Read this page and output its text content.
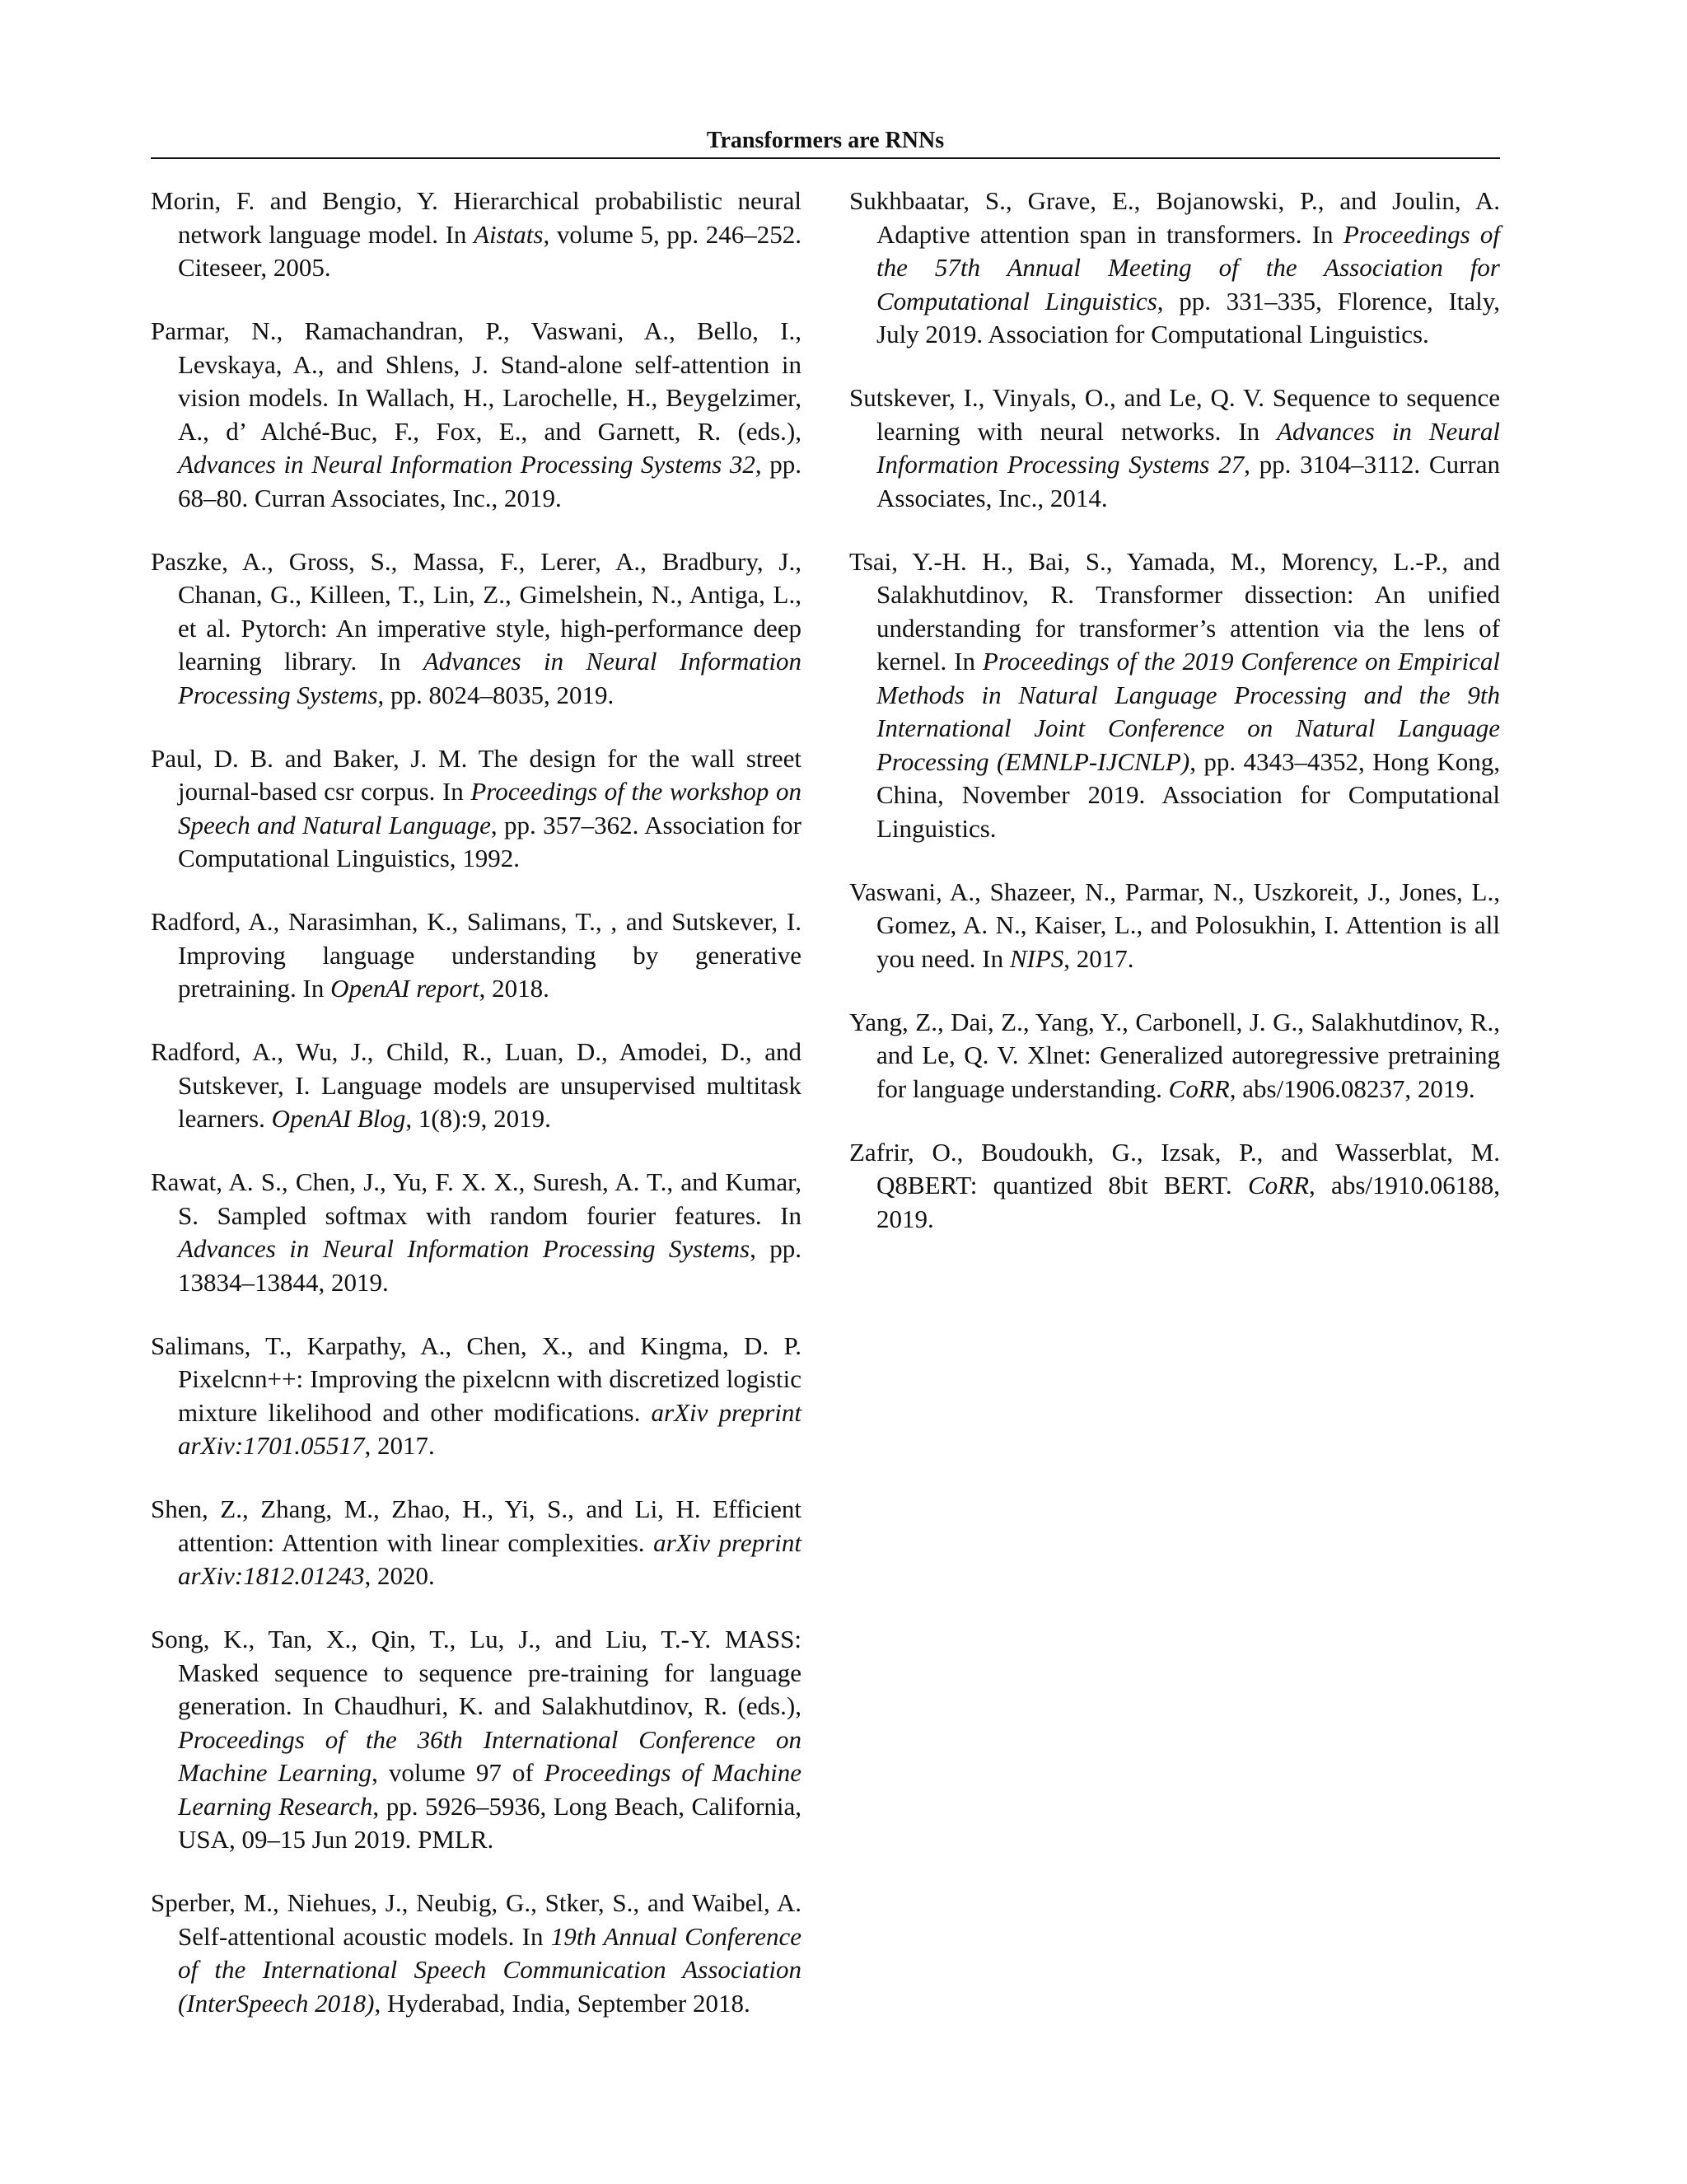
Transformers are RNNs

Morin, F. and Bengio, Y. Hierarchical probabilistic neural network language model. In Aistats, volume 5, pp. 246–252. Citeseer, 2005.

Parmar, N., Ramachandran, P., Vaswani, A., Bello, I., Levskaya, A., and Shlens, J. Stand-alone self-attention in vision models. In Wallach, H., Larochelle, H., Beygelzimer, A., d’ Alché-Buc, F., Fox, E., and Garnett, R. (eds.), Advances in Neural Information Processing Systems 32, pp. 68–80. Curran Associates, Inc., 2019.

Paszke, A., Gross, S., Massa, F., Lerer, A., Bradbury, J., Chanan, G., Killeen, T., Lin, Z., Gimelshein, N., Antiga, L., et al. Pytorch: An imperative style, high-performance deep learning library. In Advances in Neural Information Processing Systems, pp. 8024–8035, 2019.

Paul, D. B. and Baker, J. M. The design for the wall street journal-based csr corpus. In Proceedings of the workshop on Speech and Natural Language, pp. 357–362. Association for Computational Linguistics, 1992.

Radford, A., Narasimhan, K., Salimans, T., , and Sutskever, I. Improving language understanding by generative pretraining. In OpenAI report, 2018.

Radford, A., Wu, J., Child, R., Luan, D., Amodei, D., and Sutskever, I. Language models are unsupervised multitask learners. OpenAI Blog, 1(8):9, 2019.

Rawat, A. S., Chen, J., Yu, F. X. X., Suresh, A. T., and Kumar, S. Sampled softmax with random fourier features. In Advances in Neural Information Processing Systems, pp. 13834–13844, 2019.

Salimans, T., Karpathy, A., Chen, X., and Kingma, D. P. Pixelcnn++: Improving the pixelcnn with discretized logistic mixture likelihood and other modifications. arXiv preprint arXiv:1701.05517, 2017.

Shen, Z., Zhang, M., Zhao, H., Yi, S., and Li, H. Efficient attention: Attention with linear complexities. arXiv preprint arXiv:1812.01243, 2020.

Song, K., Tan, X., Qin, T., Lu, J., and Liu, T.-Y. MASS: Masked sequence to sequence pre-training for language generation. In Chaudhuri, K. and Salakhutdinov, R. (eds.), Proceedings of the 36th International Conference on Machine Learning, volume 97 of Proceedings of Machine Learning Research, pp. 5926–5936, Long Beach, California, USA, 09–15 Jun 2019. PMLR.

Sperber, M., Niehues, J., Neubig, G., Stker, S., and Waibel, A. Self-attentional acoustic models. In 19th Annual Conference of the International Speech Communication Association (InterSpeech 2018), Hyderabad, India, September 2018.

Sukhbaatar, S., Grave, E., Bojanowski, P., and Joulin, A. Adaptive attention span in transformers. In Proceedings of the 57th Annual Meeting of the Association for Computational Linguistics, pp. 331–335, Florence, Italy, July 2019. Association for Computational Linguistics.

Sutskever, I., Vinyals, O., and Le, Q. V. Sequence to sequence learning with neural networks. In Advances in Neural Information Processing Systems 27, pp. 3104–3112. Curran Associates, Inc., 2014.

Tsai, Y.-H. H., Bai, S., Yamada, M., Morency, L.-P., and Salakhutdinov, R. Transformer dissection: An unified understanding for transformer’s attention via the lens of kernel. In Proceedings of the 2019 Conference on Empirical Methods in Natural Language Processing and the 9th International Joint Conference on Natural Language Processing (EMNLP-IJCNLP), pp. 4343–4352, Hong Kong, China, November 2019. Association for Computational Linguistics.

Vaswani, A., Shazeer, N., Parmar, N., Uszkoreit, J., Jones, L., Gomez, A. N., Kaiser, L., and Polosukhin, I. Attention is all you need. In NIPS, 2017.

Yang, Z., Dai, Z., Yang, Y., Carbonell, J. G., Salakhutdinov, R., and Le, Q. V. Xlnet: Generalized autoregressive pretraining for language understanding. CoRR, abs/1906.08237, 2019.

Zafrir, O., Boudoukh, G., Izsak, P., and Wasserblat, M. Q8BERT: quantized 8bit BERT. CoRR, abs/1910.06188, 2019.
